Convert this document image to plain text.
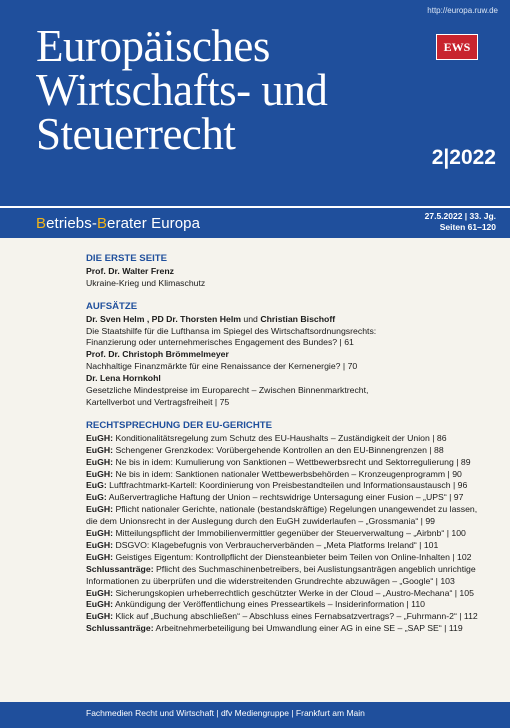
http://europa.ruw.de
Europäisches
Wirtschafts- und
Steuerrecht
EWS
2|2022
Betriebs-Berater Europa	27.5.2022 | 33. Jg.
Seiten 61–120
DIE ERSTE SEITE
Prof. Dr. Walter Frenz
Ukraine-Krieg und Klimaschutz
AUFSÄTZE
Dr. Sven Helm , PD Dr. Thorsten Helm und Christian Bischoff
Die Staatshilfe für die Lufthansa im Spiegel des Wirtschaftsordnungsrechts:
Finanzierung oder unternehmerisches Engagement des Bundes? | 61
Prof. Dr. Christoph Brömmelmeyer
Nachhaltige Finanzmärkte für eine Renaissance der Kernenergie? | 70
Dr. Lena Hornkohl
Gesetzliche Mindestpreise im Europarecht – Zwischen Binnenmarktrecht,
Kartellverbot und Vertragsfreiheit | 75
RECHTSPRECHUNG DER EU-GERICHTE
EuGH: Konditionalitätsregelung zum Schutz des EU-Haushalts – Zuständigkeit der Union | 86
EuGH: Schengener Grenzkodex: Vorübergehende Kontrollen an den EU-Binnengrenzen | 88
EuGH: Ne bis in idem: Kumulierung von Sanktionen – Wettbewerbsrecht und Sektorregulierung | 89
EuGH: Ne bis in idem: Sanktionen nationaler Wettbewerbsbehörden – Kronzeugenprogramm | 90
EuG: Luftfrachtmarkt-Kartell: Koordinierung von Preisbestandteilen und Informationsaustausch | 96
EuG: Außervertragliche Haftung der Union – rechtswidrige Untersagung einer Fusion – „UPS“ | 97
EuGH: Pflicht nationaler Gerichte, nationale (bestandskräftige) Regelungen unangewendet zu lassen,
die dem Unionsrecht in der Auslegung durch den EuGH zuwiderlaufen – „Grossmania“ | 99
EuGH: Mitteilungspflicht der Immobilienvermittler gegenüber der Steuerverwaltung – „Airbnb“ | 100
EuGH: DSGVO: Klagebefugnis von Verbraucherverbänden – „Meta Platforms Ireland“ | 101
EuGH: Geistiges Eigentum: Kontrollpflicht der Diensteanbieter beim Teilen von Online-Inhalten | 102
Schlussanträge: Pflicht des Suchmaschinenbetreibers, bei Auslistungsanträgen angeblich unrichtige
Informationen zu überprüfen und die widerstreitenden Grundrechte abzuwägen – „Google“ | 103
EuGH: Sicherungskopien urheberrechtlich geschützter Werke in der Cloud – „Austro-Mechana“ | 105
EuGH: Ankündigung der Veröffentlichung eines Presseartikels – Insiderinformation | 110
EuGH: Klick auf „Buchung abschließen“ – Abschluss eines Fernabsatzvertrags? – „Fuhrmann-2“ | 112
Schlussanträge: Arbeitnehmerbeteiligung bei Umwandlung einer AG in eine SE – „SAP SE“ | 119
Fachmedien Recht und Wirtschaft | dfv Mediengruppe | Frankfurt am Main
